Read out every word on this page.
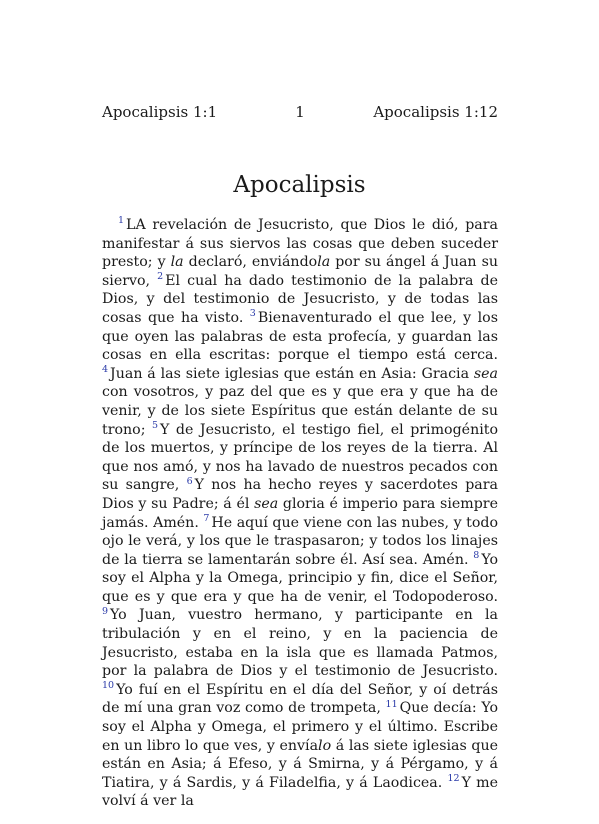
Apocalipsis 1:1	1	Apocalipsis 1:12
Apocalipsis

$^1$ LA revelación de Jesucristo, que Dios le dió, para manifestar á sus siervos las cosas que deben suceder presto; y la declaró, enviándola por su ángel á Juan su siervo, $^2$ El cual ha dado testimonio de la palabra de Dios, y del testimonio de Jesucristo, y de todas las cosas que ha visto. $^3$ Bienaventurado el que lee, y los que oyen las palabras de esta profecía, y guardan las cosas en ella escritas: porque el tiempo está cerca. $^4$ Juan á las siete iglesias que están en Asia: Gracia sea con vosotros, y paz del que es y que era y que ha de venir, y de los siete Espíritus que están delante de su trono; $^5$ Y de Jesucristo, el testigo fiel, el primogénito de los muertos, y príncipe de los reyes de la tierra. Al que nos amó, y nos ha lavado de nuestros pecados con su sangre, $^6$ Y nos ha hecho reyes y sacerdotes para Dios y su Padre; á él sea gloria é imperio para siempre jamás. Amén. $^7$ He aquí que viene con las nubes, y todo ojo le verá, y los que le traspasaron; y todos los linajes de la tierra se lamentarán sobre él. Así sea. Amén. $^8$ Yo soy el Alpha y la Omega, principio y fin, dice el Señor, que es y que era y que ha de venir, el Todopoderoso. $^9$ Yo Juan, vuestro hermano, y participante en la tribulación y en el reino, y en la paciencia de Jesucristo, estaba en la isla que es llamada Patmos, por la palabra de Dios y el testimonio de Jesucristo. $^{10}$ Yo fuí en el Espíritu en el día del Señor, y oí detrás de mí una gran voz como de trompeta, $^{11}$ Que decía: Yo soy el Alpha y Omega, el primero y el último. Escribe en un libro lo que ves, y envíalo á las siete iglesias que están en Asia; á Efeso, y á Smirna, y á Pérgamo, y á Tiatira, y á Sardis, y á Filadelfia, y á Laodicea. $^{12}$ Y me volví á ver la
